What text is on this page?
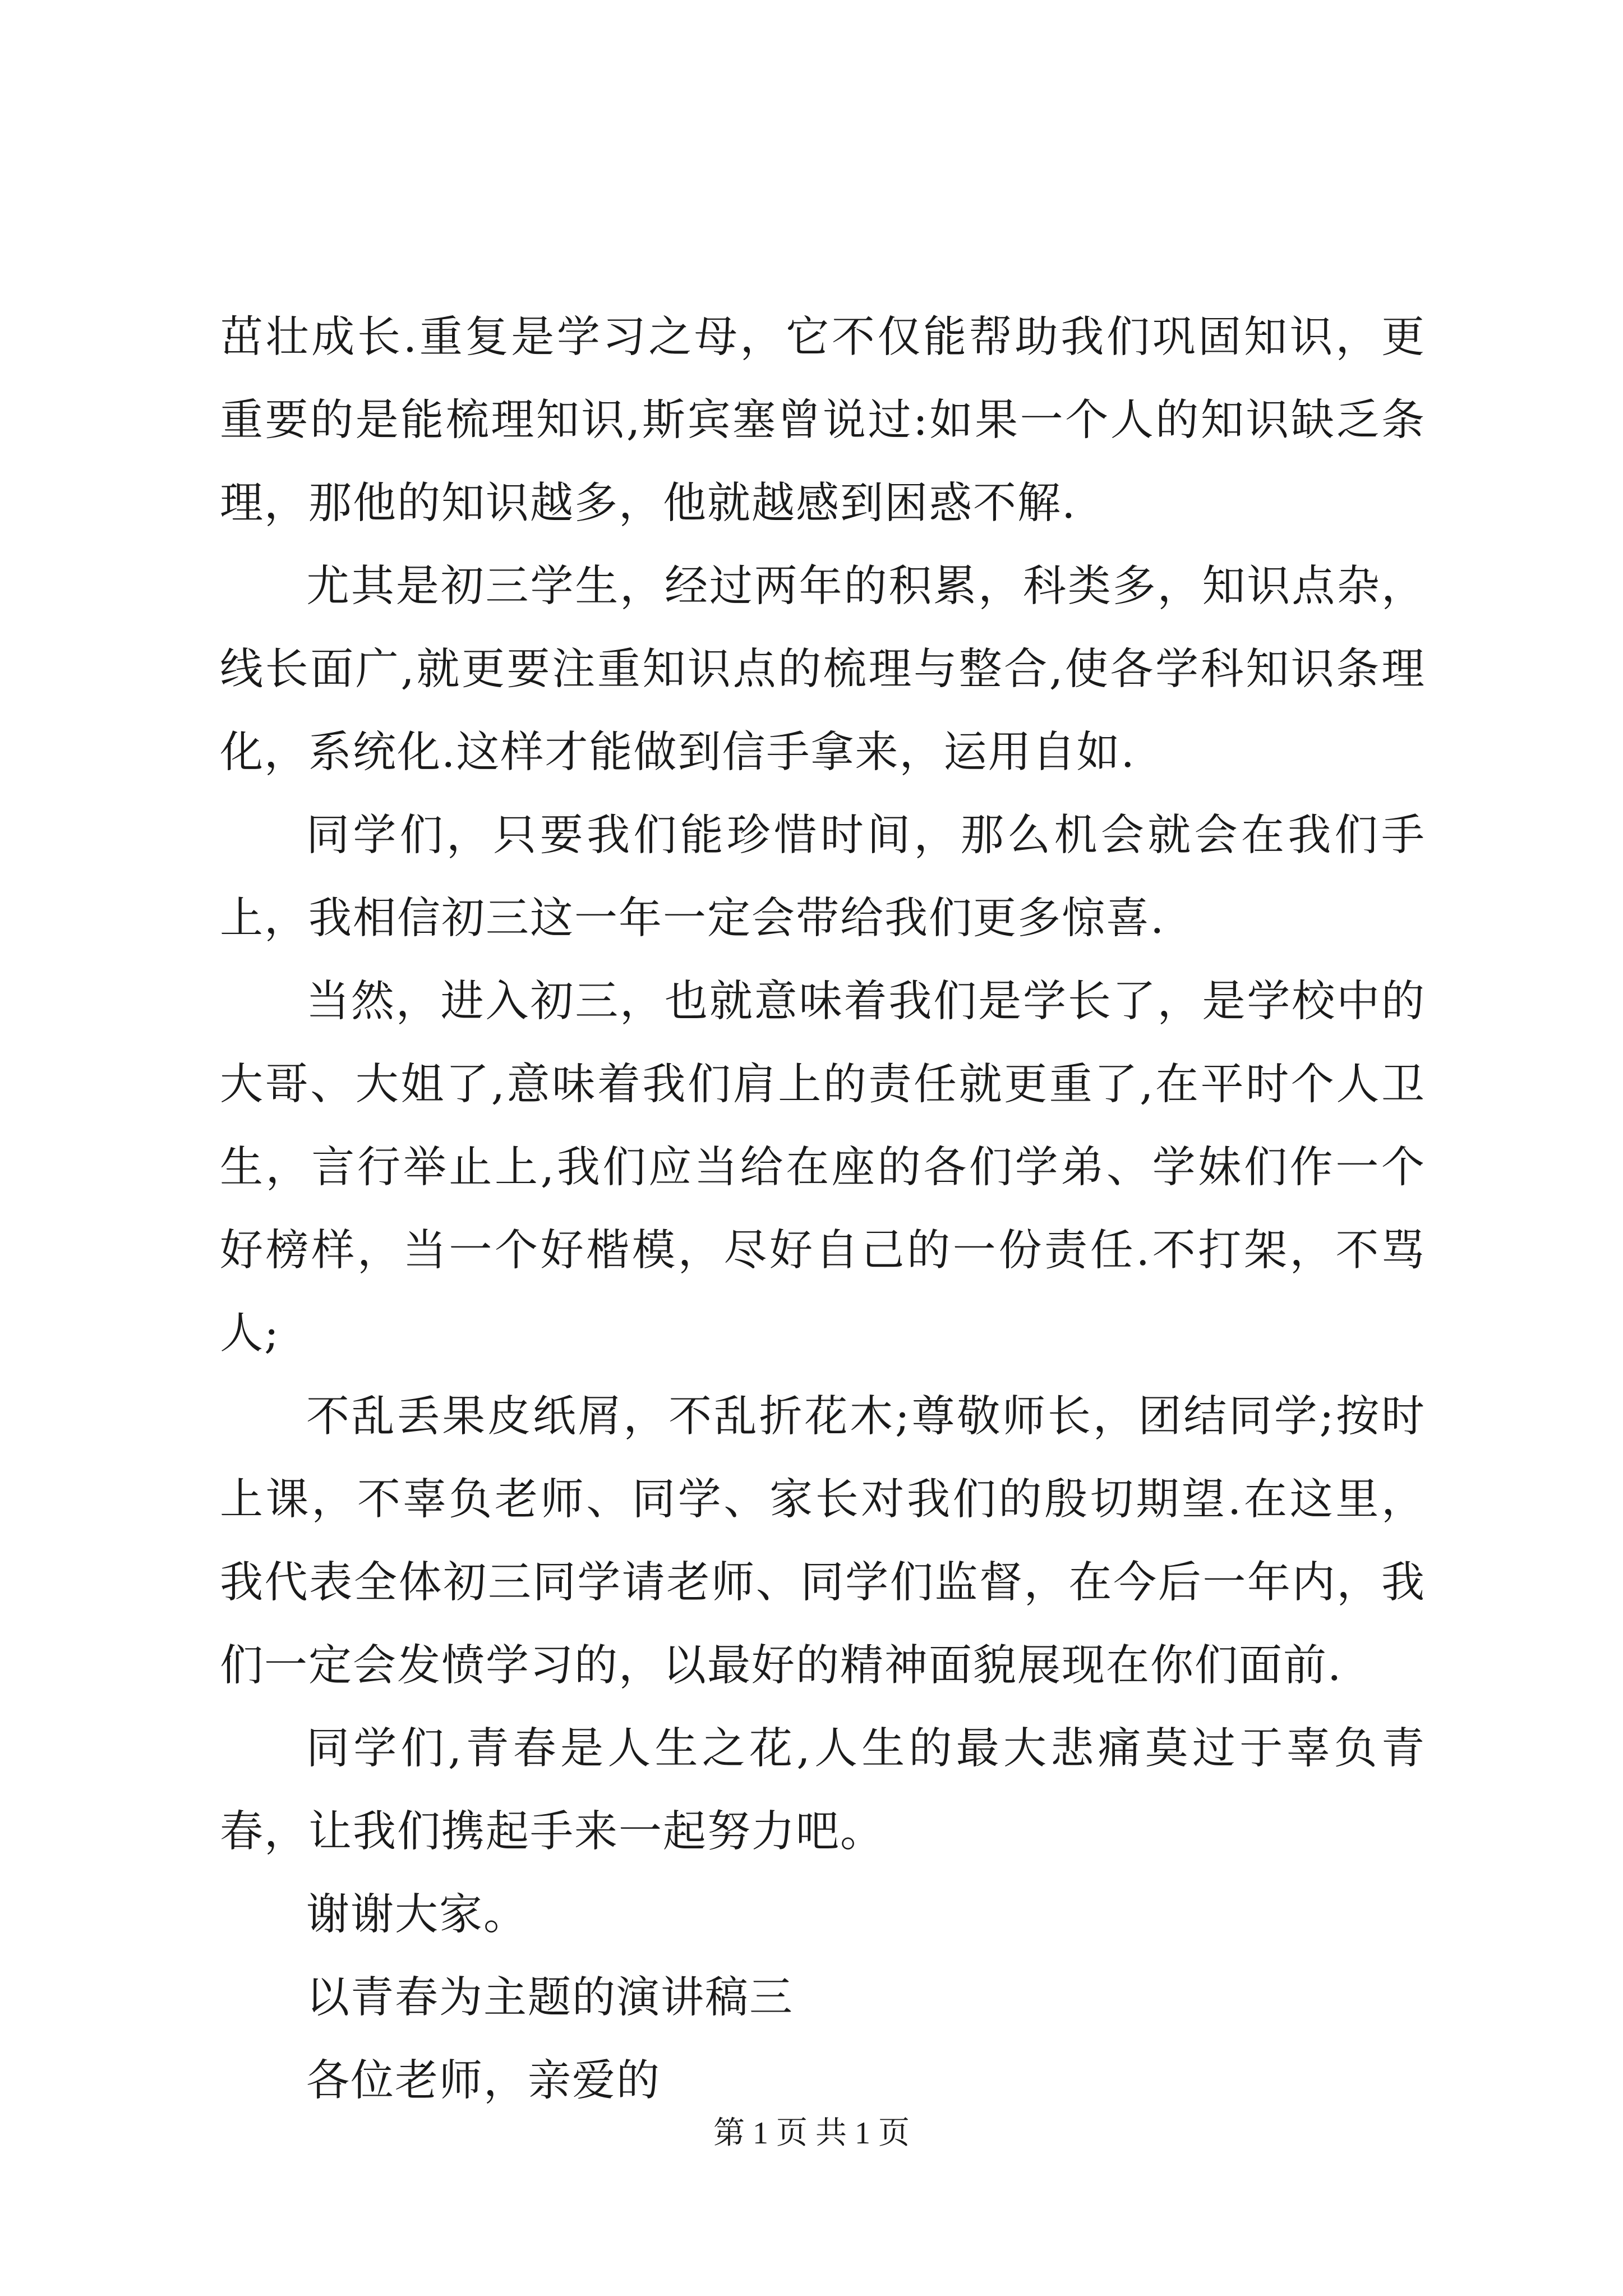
茁壮成长.重复是学习之母，它不仅能帮助我们巩固知识，更重要的是能梳理知识,斯宾塞曾说过:如果一个人的知识缺乏条理，那他的知识越多，他就越感到困惑不解.

尤其是初三学生，经过两年的积累，科类多，知识点杂，线长面广,就更要注重知识点的梳理与整合,使各学科知识条理化，系统化.这样才能做到信手拿来，运用自如.

同学们，只要我们能珍惜时间，那么机会就会在我们手上，我相信初三这一年一定会带给我们更多惊喜.

当然，进入初三，也就意味着我们是学长了，是学校中的大哥、大姐了,意味着我们肩上的责任就更重了,在平时个人卫生，言行举止上,我们应当给在座的各们学弟、学妹们作一个好榜样，当一个好楷模，尽好自己的一份责任.不打架，不骂人;

不乱丢果皮纸屑，不乱折花木;尊敬师长，团结同学;按时上课，不辜负老师、同学、家长对我们的殷切期望.在这里，我代表全体初三同学请老师、同学们监督，在今后一年内，我们一定会发愤学习的，以最好的精神面貌展现在你们面前.

同学们,青春是人生之花,人生的最大悲痛莫过于辜负青春，让我们携起手来一起努力吧。

谢谢大家。

以青春为主题的演讲稿三

各位老师，亲爱的

第 1 页 共 1 页
